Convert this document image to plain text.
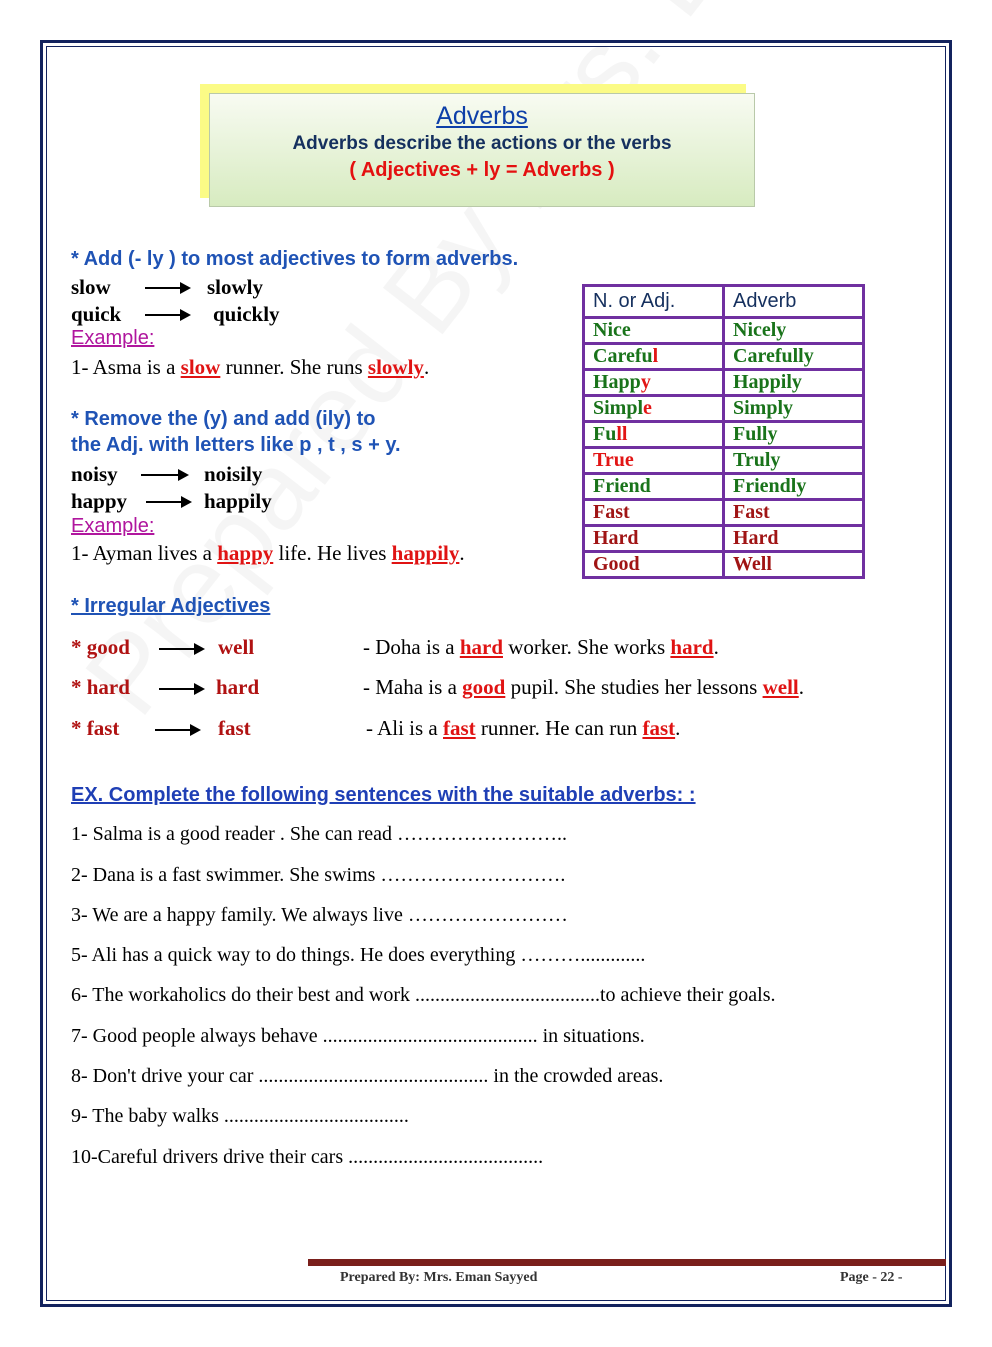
Adverbs
Adverbs describe the actions or the verbs
( Adjectives + ly = Adverbs )
* Add (- ly ) to most adjectives to form adverbs.
slow	slowly
quick	quickly
Example:
1- Asma is a slow runner. She runs slowly.
* Remove the (y) and add (ily) to
the Adj. with letters like p , t , s + y.
noisy	noisily
happy	happily
Example:
1- Ayman lives a happy life. He lives happily.
* Irregular Adjectives
* good	well	- Doha is a hard worker. She works hard.
* hard	hard	- Maha is a good pupil. She studies her lessons well.
* fast	fast	- Ali is a fast runner. He can run fast.
N. or Adj.	Adverb
Nice	Nicely
Careful	Carefully
Happy	Happily
Simple	Simply
Full	Fully
True	Truly
Friend	Friendly
Fast	Fast
Hard	Hard
Good	Well
EX. Complete the following sentences with the suitable adverbs: :
1- Salma is a good reader . She can read ……………………..
2- Dana is a fast swimmer. She swims ……………………….
3- We are a happy family. We always live ……………………
5- Ali has a quick way to do things. He does everything ……….............
6- The workaholics do their best and work .....................................to achieve their goals.
7- Good people always behave ........................................... in situations.
8- Don't drive your car .............................................. in the crowded areas.
9- The baby walks .....................................
10-Careful drivers drive their cars .......................................
Prepared By: Mrs. Eman Sayyed	Page - 22 -
